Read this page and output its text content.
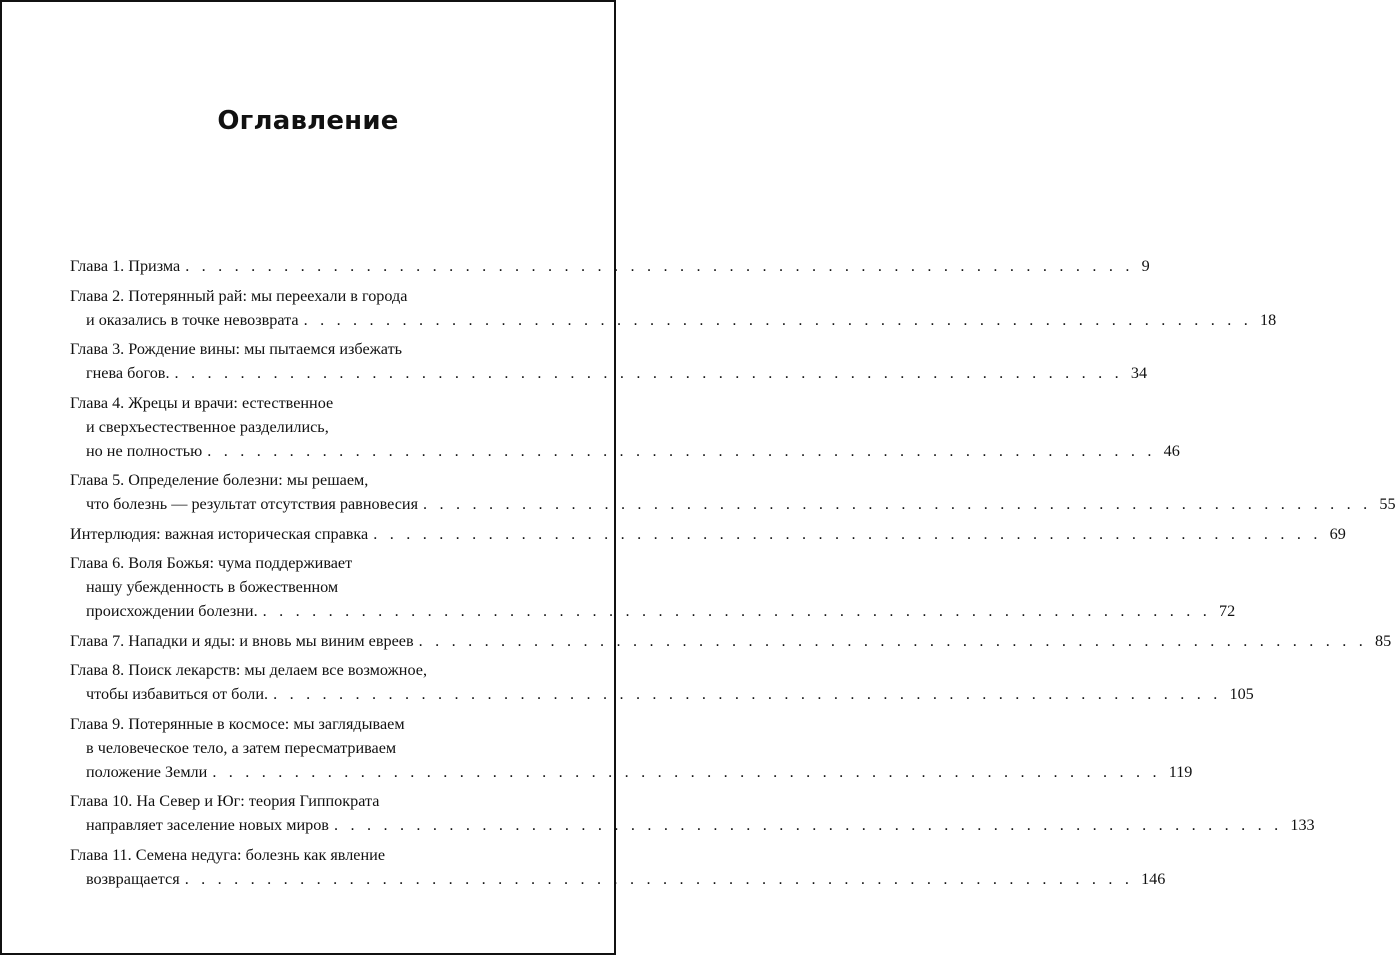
Оглавление
Глава 1. Призма . . . . . . . . . . . . . . . . . . . . . . . . . . . . . . . . . . . . . . . . . . . . . . . . . . . . . . . . . . 9
Глава 2. Потерянный рай: мы переехали в города
и оказались в точке невозврата . . . . . . . . . . . . . . . . . . . . . . . . . . . . . . . . . . . . . . . . . . . . . . . . . . . . . . . . . . 18
Глава 3. Рождение вины: мы пытаемся избежать
гнева богов. . . . . . . . . . . . . . . . . . . . . . . . . . . . . . . . . . . . . . . . . . . . . . . . . . . . . . . . . . . 34
Глава 4. Жрецы и врачи: естественное
и сверхъестественное разделились,
но не полностью . . . . . . . . . . . . . . . . . . . . . . . . . . . . . . . . . . . . . . . . . . . . . . . . . . . . . . . . . . 46
Глава 5. Определение болезни: мы решаем,
что болезнь — результат отсутствия равновесия . . . . . . . . . . . . . . . . . . . . . . . . . . . . . . . . . . . . . . . . . . . . . . . . . . . . . . . . . . 55
Интерлюдия: важная историческая справка . . . . . . . . . . . . . . . . . . . . . . . . . . . . . . . . . . . . . . . . . . . . . . . . . . . . . . . . . . 69
Глава 6. Воля Божья: чума поддерживает
нашу убежденность в божественном
происхождении болезни. . . . . . . . . . . . . . . . . . . . . . . . . . . . . . . . . . . . . . . . . . . . . . . . . . . . . . . . . . . 72
Глава 7. Нападки и яды: и вновь мы виним евреев . . . . . . . . . . . . . . . . . . . . . . . . . . . . . . . . . . . . . . . . . . . . . . . . . . . . . . . . . . 85
Глава 8. Поиск лекарств: мы делаем все возможное,
чтобы избавиться от боли. . . . . . . . . . . . . . . . . . . . . . . . . . . . . . . . . . . . . . . . . . . . . . . . . . . . . . . . . . . 105
Глава 9. Потерянные в космосе: мы заглядываем
в человеческое тело, а затем пересматриваем
положение Земли . . . . . . . . . . . . . . . . . . . . . . . . . . . . . . . . . . . . . . . . . . . . . . . . . . . . . . . . . . 119
Глава 10. На Север и Юг: теория Гиппократа
направляет заселение новых миров . . . . . . . . . . . . . . . . . . . . . . . . . . . . . . . . . . . . . . . . . . . . . . . . . . . . . . . . . . 133
Глава 11. Семена недуга: болезнь как явление
возвращается . . . . . . . . . . . . . . . . . . . . . . . . . . . . . . . . . . . . . . . . . . . . . . . . . . . . . . . . . . 146
